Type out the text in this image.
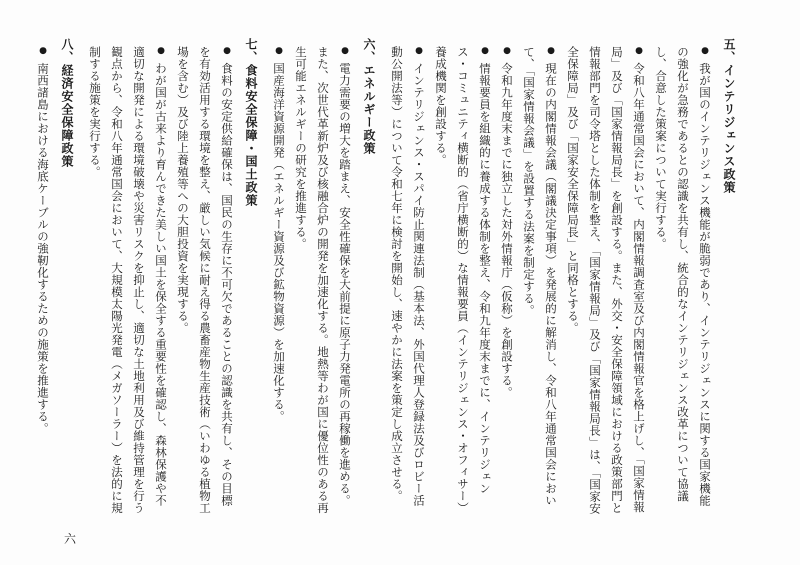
五、インテリジェンス政策
●我が国のインテリジェンス機能が脆弱であり、インテリジェンスに関する国家機能の強化が急務であるとの認識を共有し、統合的なインテリジェンス改革について協議し、合意した策案について実行する。
●令和八年通常国会において、内閣情報調査室及び内閣情報官を格上げし、「国家情報局」及び「国家情報局長」を創設する。また、外交・安全保障領域における政策部門と情報部門を司令塔とした体制を整え、「国家情報局」及び「国家情報局長」は、「国家安全保障局」及び「国家安全保障局長」と同格とする。
●現在の内閣情報会議（閣議決定事項）を発展的に解消し、令和八年通常国会において、「国家情報会議」を設置する法案を制定する。
●令和九年度末までに独立した対外情報庁（仮称）を創設する。
●情報要員を組織的に養成する体制を整え、令和九年度末までに、インテリジェンス・コミュニティ横断的（省庁横断的）な情報要員（インテリジェンス・オフィサー）養成機関を創設する。
●インテリジェンス・スパイ防止関連法制（基本法、外国代理人登録法及びロビー活動公開法等）について令和七年に検討を開始し、速やかに法案を策定し成立させる。
六、エネルギー政策
●電力需要の増大を踏まえ、安全性確保を大前提に原子力発電所の再稼働を進める。また、次世代革新炉及び核融合炉の開発を加速化する。地熱等わが国に優位性のある再生可能エネルギーの研究を推進する。
●国産海洋資源開発（エネルギー資源及び鉱物資源）を加速化する。
七、食料安全保障・国土政策
●食料の安定供給確保は、国民の生存に不可欠であることの認識を共有し、その目標を有効活用する環境を整え、厳しい気候に耐え得る農畜産物生産技術（いわゆる植物工場を含む）及び陸上養殖等への大胆投資を実現する。
●わが国が古来より育んできた美しい国土を保全する重要性を確認し、森林保護や不適切な開発による環境破壊や災害リスクを抑止し、適切な土地利用及び維持管理を行う観点から、令和八年通常国会において、大規模太陽光発電（メガソーラー）を法的に規制する施策を実行する。
八、経済安全保障政策
●南西諸島における海底ケーブルの強靭化するための施策を推進する。
六
